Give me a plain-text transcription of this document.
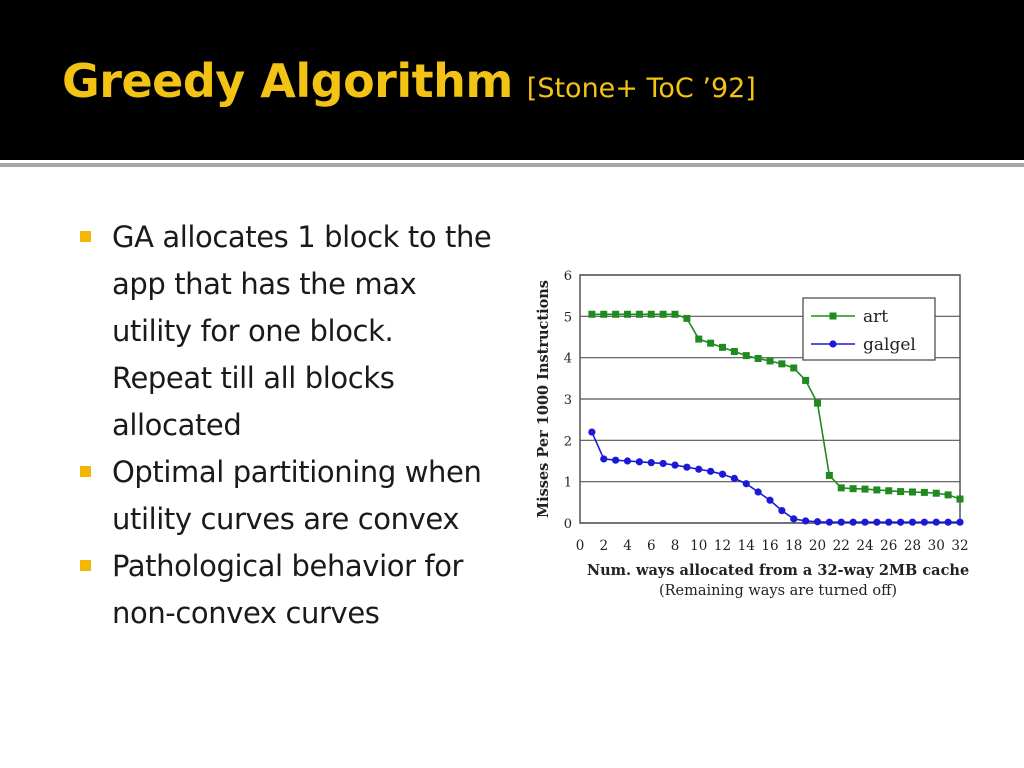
Greedy Algorithm [Stone+ ToC ’92]
GA allocates 1 block to the app that has the max utility for one block. Repeat till all blocks allocated
Optimal partitioning when utility curves are convex
Pathological behavior for non-convex curves
0
1
2
3
4
5
6
0 2 4 6 8 10 12 14 16 18 20 22 24 26 28 30 32
Misses Per 1000 Instructions
Num. ways allocated from a 32-way 2MB cache
(Remaining ways are turned off)
art
galgel
